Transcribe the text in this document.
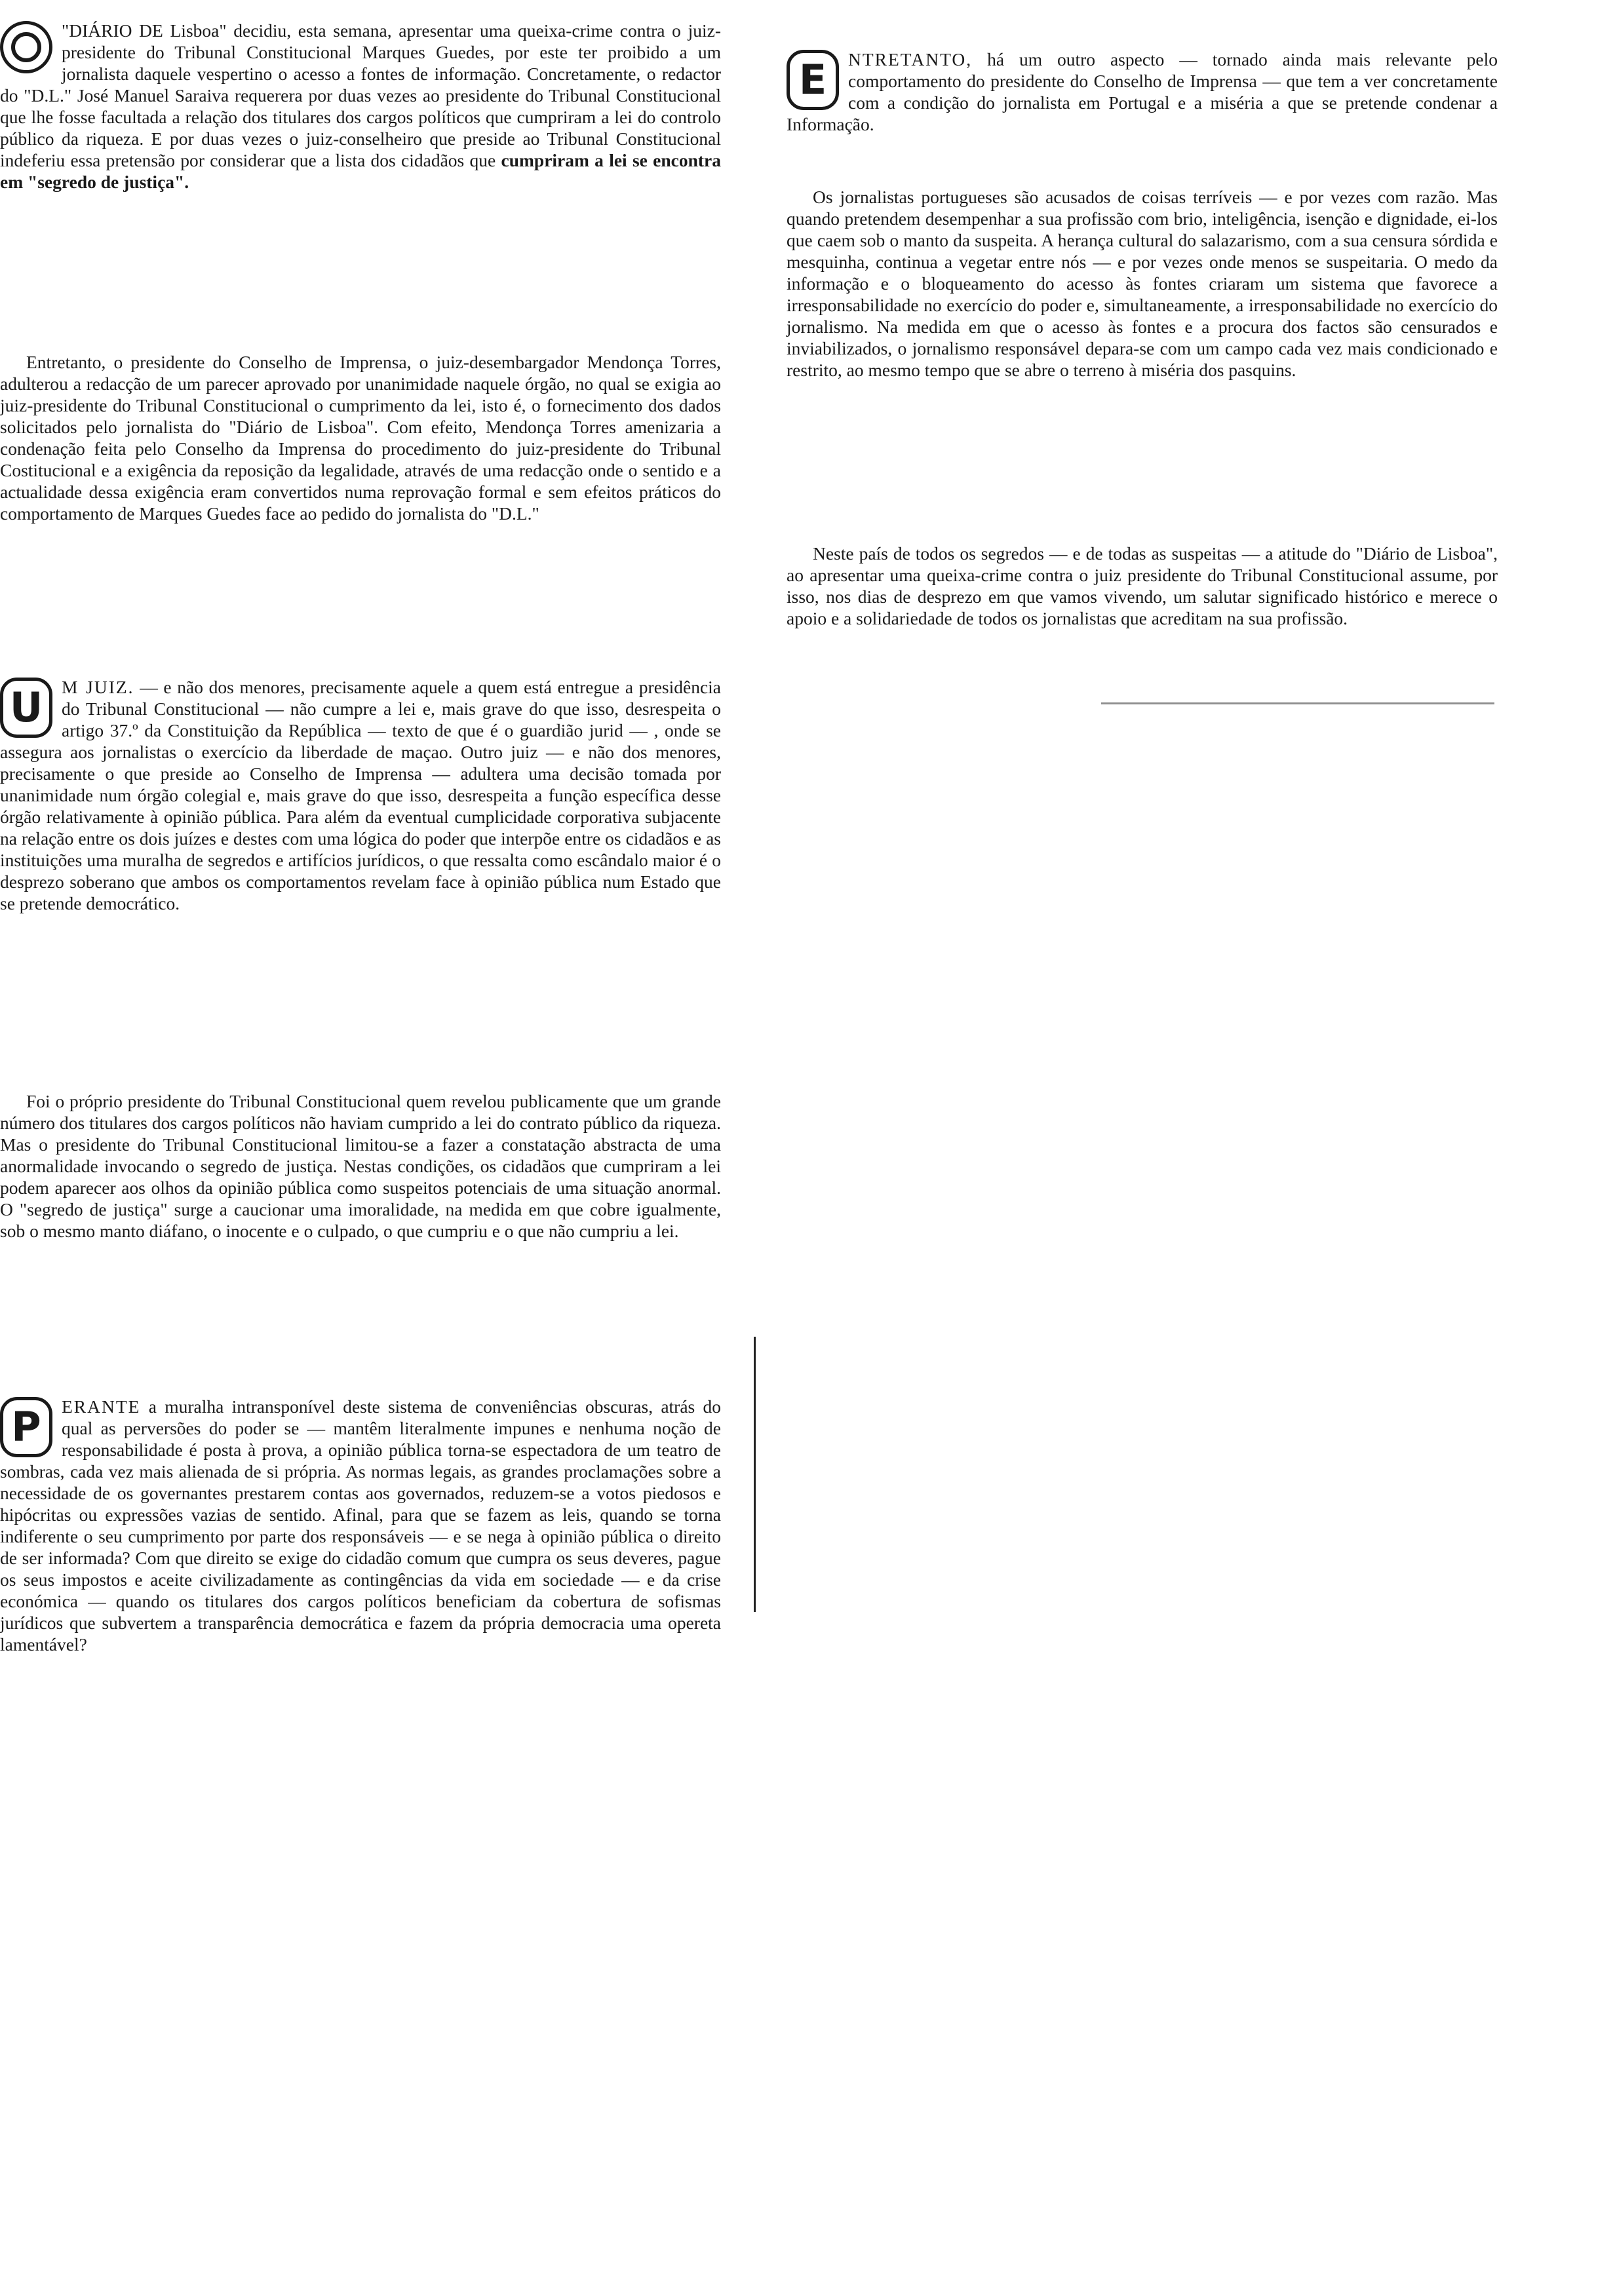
"DIÁRIO DE Lisboa" decidiu, esta semana, apresentar uma queixa-crime contra o juiz-presidente do Tribunal Constitucional Marques Guedes, por este ter proibido a um jornalista daquele vespertino o acesso a fontes de informação. Concretamente, o redactor do "D.L." José Manuel Saraiva requerera por duas vezes ao presidente do Tribunal Constitucional que lhe fosse facultada a relação dos titulares dos cargos políticos que cumpriram a lei do controlo público da riqueza. E por duas vezes o juiz-conselheiro que preside ao Tribunal Constitucional indeferiu essa pretensão por considerar que a lista dos cidadãos que cumpriram a lei se encontra em "segredo de justiça".

Entretanto, o presidente do Conselho de Imprensa, o juiz-desembargador Mendonça Torres, adulterou a redacção de um parecer aprovado por unanimidade naquele órgão, no qual se exigia ao juiz-presidente do Tribunal Constitucional o cumprimento da lei, isto é, o fornecimento dos dados solicitados pelo jornalista do "Diário de Lisboa". Com efeito, Mendonça Torres amenizaria a condenação feita pelo Conselho da Imprensa do procedimento do juiz-presidente do Tribunal Costitucional e a exigência da reposição da legalidade, através de uma redacção onde o sentido e a actualidade dessa exigência eram convertidos numa reprovação formal e sem efeitos práticos do comportamento de Marques Guedes face ao pedido do jornalista do "D.L."

U	M JUIZ. — e não dos menores, precisamente aquele a quem está entregue a presidência do Tribunal Constitucional — não cumpre a lei e, mais grave do que isso, desrespeita o artigo 37.º da Constituição da República — texto de que é o guardião jurid — , onde se assegura aos jornalistas o exercício da liberdade de maçao. Outro juiz — e não dos menores, precisamente o que preside ao Conselho de Imprensa — adultera uma decisão tomada por unanimidade num órgão colegial e, mais grave do que isso, desrespeita a função específica desse órgão relativamente à opinião pública. Para além da eventual cumplicidade corporativa subjacente na relação entre os dois juízes e destes com uma lógica do poder que interpõe entre os cidadãos e as instituições uma muralha de segredos e artifícios jurídicos, o que ressalta como escândalo maior é o desprezo soberano que ambos os comportamentos revelam face à opinião pública num Estado que se pretende democrático.

Foi o próprio presidente do Tribunal Constitucional quem revelou publicamente que um grande número dos titulares dos cargos políticos não haviam cumprido a lei do contrato público da riqueza. Mas o presidente do Tribunal Constitucional limitou-se a fazer a constatação abstracta de uma anormalidade invocando o segredo de justiça. Nestas condições, os cidadãos que cumpriram a lei podem aparecer aos olhos da opinião pública como suspeitos potenciais de uma situação anormal. O "segredo de justiça" surge a caucionar uma imoralidade, na medida em que cobre igualmente, sob o mesmo manto diáfano, o inocente e o culpado, o que cumpriu e o que não cumpriu a lei.

P	ERANTE a muralha intransponível deste sistema de conveniências obscuras, atrás do qual as perversões do poder se — mantêm literalmente impunes e nenhuma noção de responsabilidade é posta à prova, a opinião pública torna-se espectadora de um teatro de sombras, cada vez mais alienada de si própria. As normas legais, as grandes proclamações sobre a necessidade de os governantes prestarem contas aos governados, reduzem-se a votos piedosos e hipócritas ou expressões vazias de sentido. Afinal, para que se fazem as leis, quando se torna indiferente o seu cumprimento por parte dos responsáveis — e se nega à opinião pública o direito de ser informada? Com que direito se exige do cidadão comum que cumpra os seus deveres, pague os seus impostos e aceite civilizadamente as contingências da vida em sociedade — e da crise económica — quando os titulares dos cargos políticos beneficiam da cobertura de sofismas jurídicos que subvertem a transparência democrática e fazem da própria democracia uma opereta lamentável?

E	NTRETANTO, há um outro aspecto — tornado ainda mais relevante pelo comportamento do presidente do Conselho de Imprensa — que tem a ver concretamente com a condição do jornalista em Portugal e a miséria a que se pretende condenar a Informação.

Os jornalistas portugueses são acusados de coisas terríveis — e por vezes com razão. Mas quando pretendem desempenhar a sua profissão com brio, inteligência, isenção e dignidade, ei-los que caem sob o manto da suspeita. A herança cultural do salazarismo, com a sua censura sórdida e mesquinha, continua a vegetar entre nós — e por vezes onde menos se suspeitaria. O medo da informação e o bloqueamento do acesso às fontes criaram um sistema que favorece a irresponsabilidade no exercício do poder e, simultaneamente, a irresponsabilidade no exercício do jornalismo. Na medida em que o acesso às fontes e a procura dos factos são censurados e inviabilizados, o jornalismo responsável depara-se com um campo cada vez mais condicionado e restrito, ao mesmo tempo que se abre o terreno à miséria dos pasquins.

Neste país de todos os segredos — e de todas as suspeitas — a atitude do "Diário de Lisboa", ao apresentar uma queixa-crime contra o juiz presidente do Tribunal Constitucional assume, por isso, nos dias de desprezo em que vamos vivendo, um salutar significado histórico e merece o apoio e a solidariedade de todos os jornalistas que acreditam na sua profissão.
